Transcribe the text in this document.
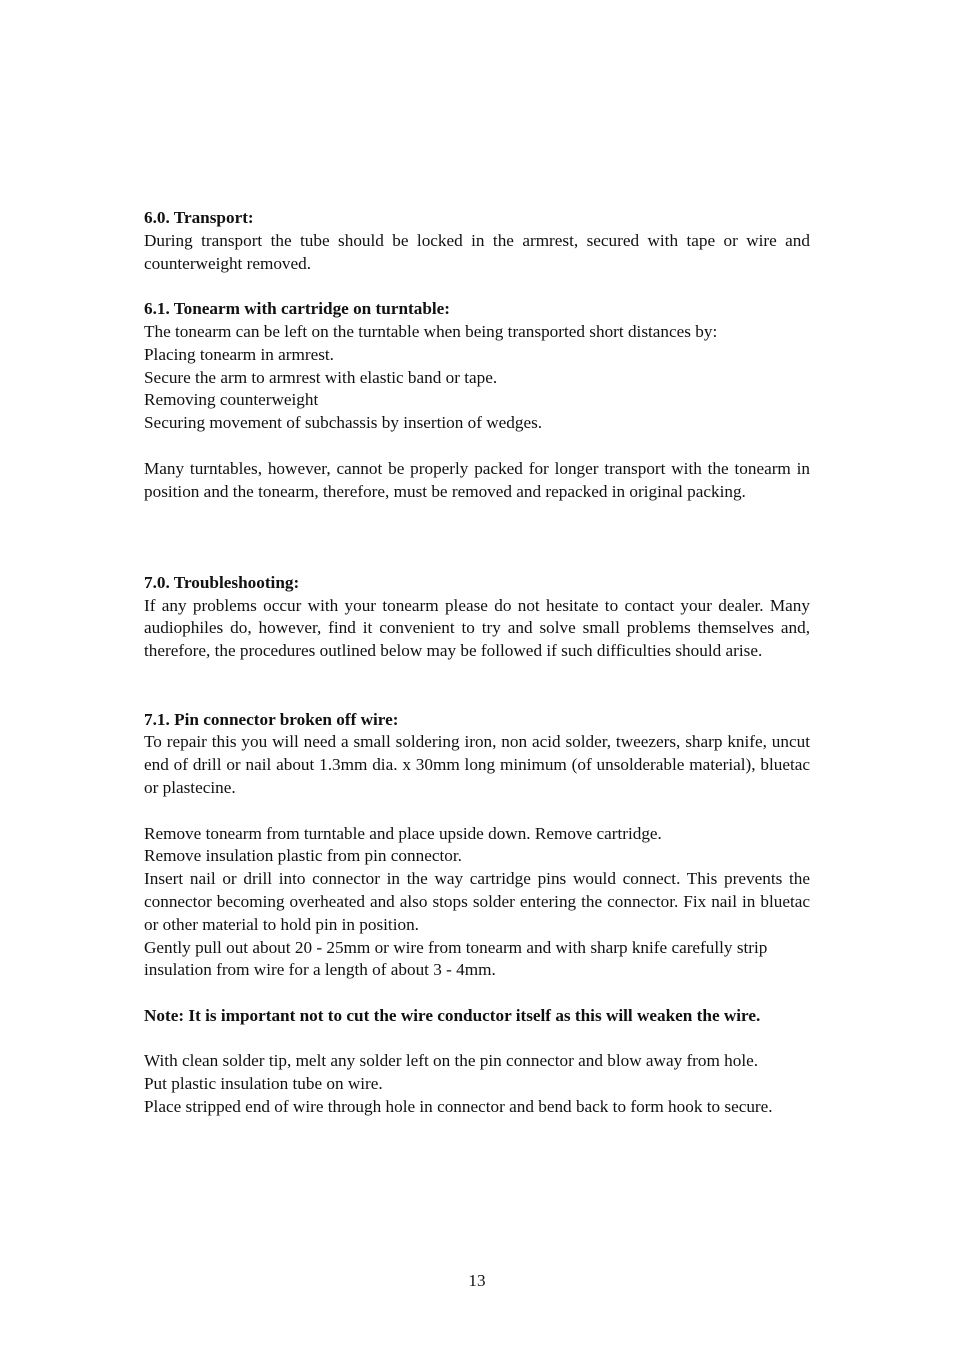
6.0. Transport:

During transport the tube should be locked in the armrest, secured with tape or wire and counterweight removed.

6.1. Tonearm with cartridge on turntable:

The tonearm can be left on the turntable when being transported short distances by:

Placing tonearm in armrest.

Secure the arm to armrest with elastic band or tape.

Removing counterweight

Securing movement of subchassis by insertion of wedges.

Many turntables, however, cannot be properly packed for longer transport with the tonearm in position and the tonearm, therefore, must be removed and repacked in original packing.

7.0. Troubleshooting:

If any problems occur with your tonearm please do not hesitate to contact your dealer. Many audiophiles do, however, find it convenient to try and solve small problems themselves and, therefore, the procedures outlined below may be followed if such difficulties should arise.

7.1. Pin connector broken off wire:

To repair this you will need a small soldering iron, non acid solder, tweezers, sharp knife, uncut end of drill or nail about 1.3mm dia. x 30mm long minimum (of unsolderable material), bluetac or plastecine.

Remove tonearm from turntable and place upside down. Remove cartridge.

Remove insulation plastic from pin connector.

Insert nail or drill into connector in the way cartridge pins would connect. This prevents the connector becoming overheated and also stops solder entering the connector. Fix nail in bluetac or other material to hold pin in position.

Gently pull out about 20 - 25mm or wire from tonearm and with sharp knife carefully strip insulation from wire for a length of about 3 - 4mm.

Note: It is important not to cut the wire conductor itself as this will weaken the wire.

With clean solder tip, melt any solder left on the pin connector and blow away from hole.

Put plastic insulation tube on wire.

Place stripped end of wire through hole in connector and bend back to form hook to secure.

13
